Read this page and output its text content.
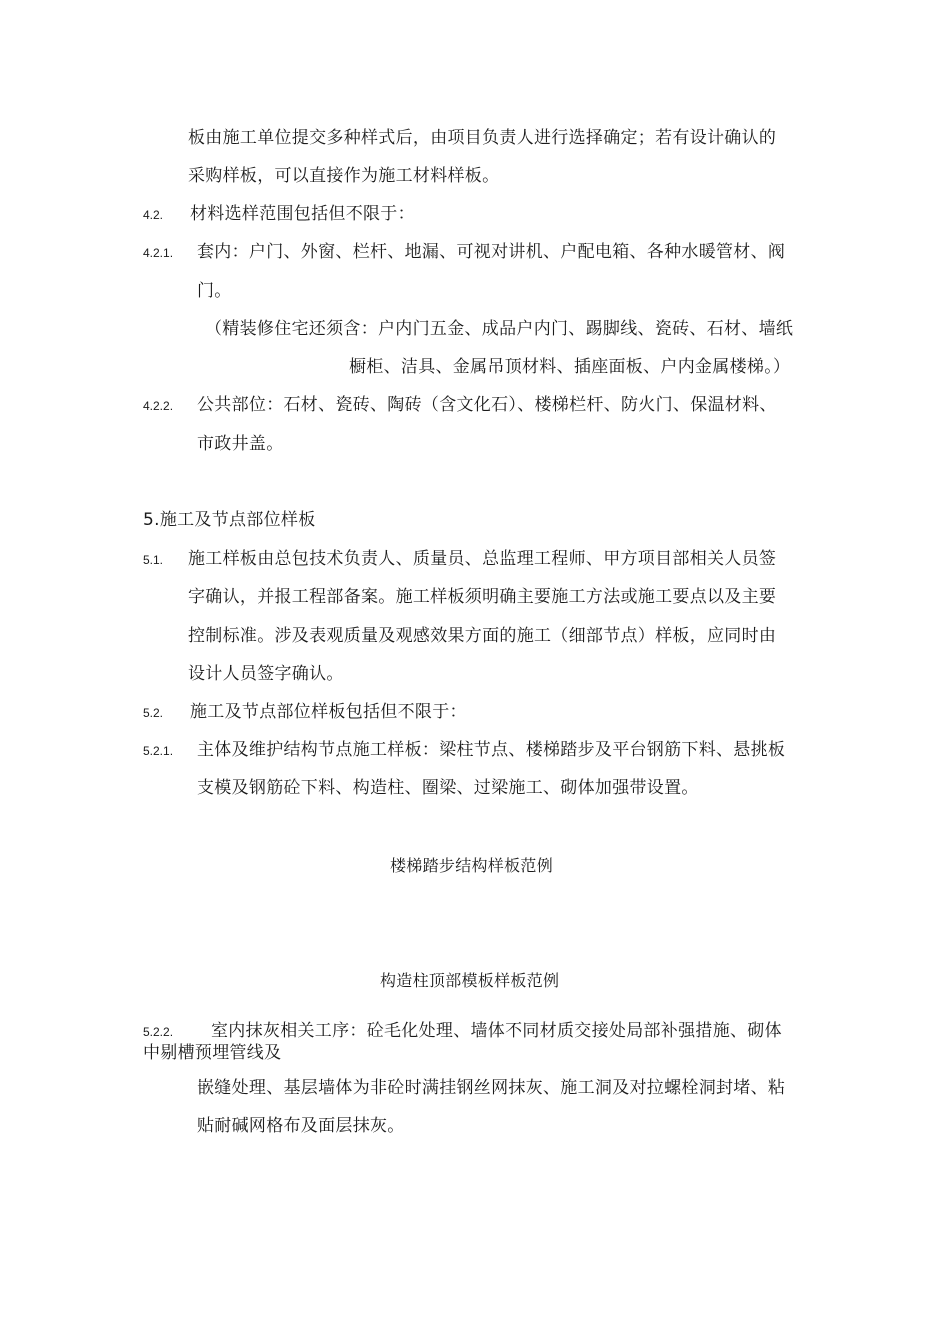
板由施工单位提交多种样式后，由项目负责人进行选择确定；若有设计确认的
采购样板，可以直接作为施工材料样板。
4.2. 材料选样范围包括但不限于：
4.2.1. 套内：户门、外窗、栏杆、地漏、可视对讲机、户配电箱、各种水暖管材、阀
门。
（精装修住宅还须含：户内门五金、成品户内门、踢脚线、瓷砖、石材、墙纸
橱柜、洁具、金属吊顶材料、插座面板、户内金属楼梯。）
4.2.2. 公共部位：石材、瓷砖、陶砖（含文化石）、楼梯栏杆、防火门、保温材料、
市政井盖。
5.施工及节点部位样板
5.1. 施工样板由总包技术负责人、质量员、总监理工程师、甲方项目部相关人员签
字确认，并报工程部备案。施工样板须明确主要施工方法或施工要点以及主要
控制标准。涉及表观质量及观感效果方面的施工（细部节点）样板，应同时由
设计人员签字确认。
5.2. 施工及节点部位样板包括但不限于：
5.2.1. 主体及维护结构节点施工样板：梁柱节点、楼梯踏步及平台钢筋下料、悬挑板
支模及钢筋砼下料、构造柱、圈梁、过梁施工、砌体加强带设置。
楼梯踏步结构样板范例
构造柱顶部模板样板范例
5.2.2. 室内抹灰相关工序：砼毛化处理、墙体不同材质交接处局部补强措施、砌体
中剔槽预埋管线及
嵌缝处理、基层墙体为非砼时满挂钢丝网抹灰、施工洞及对拉螺栓洞封堵、粘
贴耐碱网格布及面层抹灰。
